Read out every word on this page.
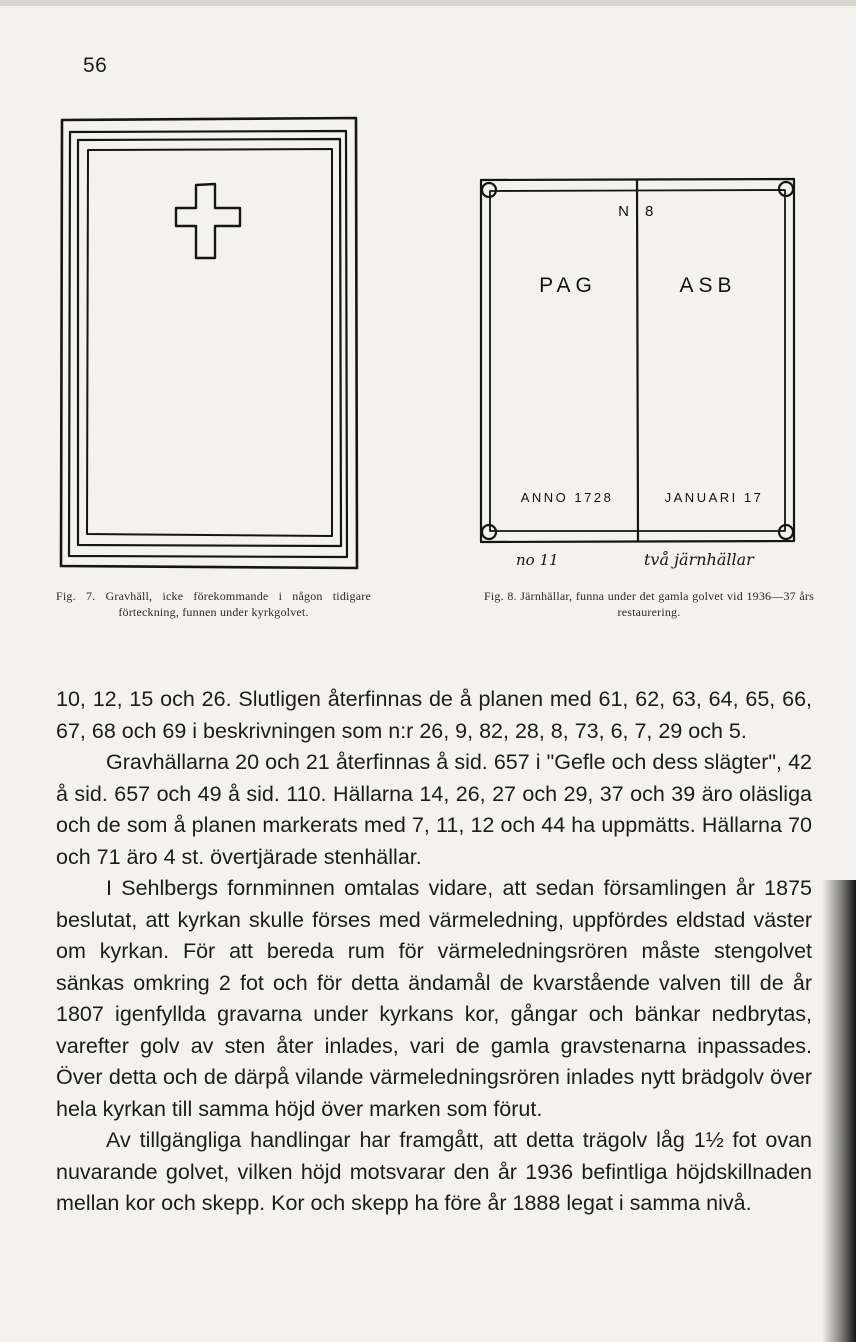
56
Fig. 7. Gravhäll, icke förekommande i någon tidigare förteckning, funnen under kyrkgolvet.
N 8
PAG	ASB
ANNO 1728	JANUARI 17
no 11	två järnhällar
Fig. 8. Järnhällar, funna under det gamla golvet vid 1936—37 års restaurering.

10, 12, 15 och 26. Slutligen återfinnas de å planen med 61, 62, 63, 64, 65, 66, 67, 68 och 69 i beskrivningen som n:r 26, 9, 82, 28, 8, 73, 6, 7, 29 och 5.

Gravhällarna 20 och 21 återfinnas å sid. 657 i "Gefle och dess slägter", 42 å sid. 657 och 49 å sid. 110. Hällarna 14, 26, 27 och 29, 37 och 39 äro oläsliga och de som å planen markerats med 7, 11, 12 och 44 ha uppmätts. Hällarna 70 och 71 äro 4 st. övertjärade stenhällar.

I Sehlbergs fornminnen omtalas vidare, att sedan församlingen år 1875 beslutat, att kyrkan skulle förses med värmeledning, uppfördes eldstad väster om kyrkan. För att bereda rum för värmeledningsrören måste stengolvet sänkas omkring 2 fot och för detta ändamål de kvarstående valven till de år 1807 igenfyllda gravarna under kyrkans kor, gångar och bänkar nedbrytas, varefter golv av sten åter inlades, vari de gamla gravstenarna inpassades. Över detta och de därpå vilande värmeledningsrören inlades nytt brädgolv över hela kyrkan till samma höjd över marken som förut.

Av tillgängliga handlingar har framgått, att detta trägolv låg 1½ fot ovan nuvarande golvet, vilken höjd motsvarar den år 1936 befintliga höjdskillnaden mellan kor och skepp. Kor och skepp ha före år 1888 legat i samma nivå.
